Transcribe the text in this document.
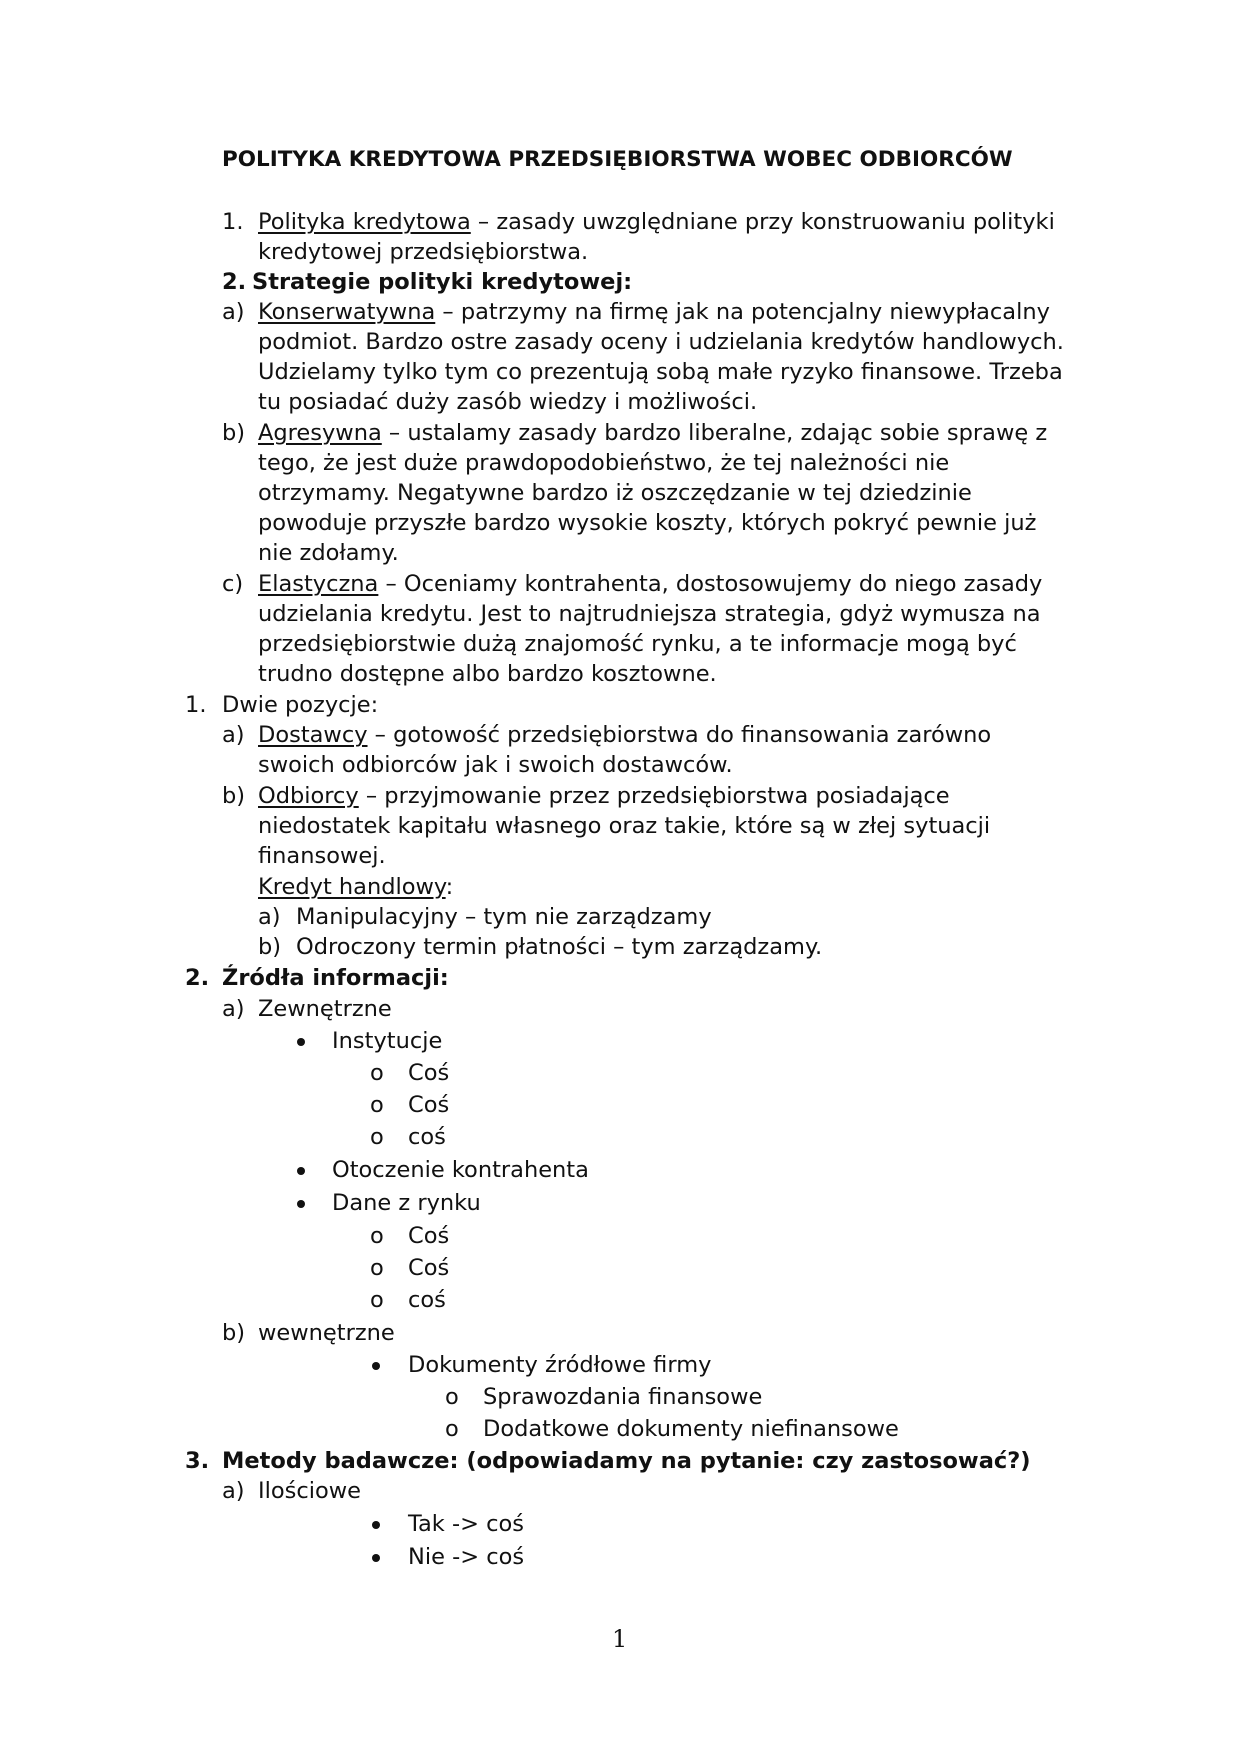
POLITYKA KREDYTOWA PRZEDSIĘBIORSTWA WOBEC ODBIORCÓW
1. Polityka kredytowa – zasady uwzględniane przy konstruowaniu polityki
kredytowej przedsiębiorstwa.
2. Strategie polityki kredytowej:
a) Konserwatywna – patrzymy na firmę jak na potencjalny niewypłacalny
podmiot. Bardzo ostre zasady oceny i udzielania kredytów handlowych.
Udzielamy tylko tym co prezentują sobą małe ryzyko finansowe. Trzeba
tu posiadać duży zasób wiedzy i możliwości.
b) Agresywna – ustalamy zasady bardzo liberalne, zdając sobie sprawę z
tego, że jest duże prawdopodobieństwo, że tej należności nie
otrzymamy. Negatywne bardzo iż oszczędzanie w tej dziedzinie
powoduje przyszłe bardzo wysokie koszty, których pokryć pewnie już
nie zdołamy.
c) Elastyczna – Oceniamy kontrahenta, dostosowujemy do niego zasady
udzielania kredytu. Jest to najtrudniejsza strategia, gdyż wymusza na
przedsiębiorstwie dużą znajomość rynku, a te informacje mogą być
trudno dostępne albo bardzo kosztowne.
1. Dwie pozycje:
a) Dostawcy – gotowość przedsiębiorstwa do finansowania zarówno
swoich odbiorców jak i swoich dostawców.
b) Odbiorcy – przyjmowanie przez przedsiębiorstwa posiadające
niedostatek kapitału własnego oraz takie, które są w złej sytuacji
finansowej.
Kredyt handlowy:
a) Manipulacyjny – tym nie zarządzamy
b) Odroczony termin płatności – tym zarządzamy.
2. Źródła informacji:
a) Zewnętrzne
Instytucje
o Coś
o Coś
o coś
Otoczenie kontrahenta
Dane z rynku
o Coś
o Coś
o coś
b) wewnętrzne
Dokumenty źródłowe firmy
o Sprawozdania finansowe
o Dodatkowe dokumenty niefinansowe
3. Metody badawcze: (odpowiadamy na pytanie: czy zastosować?)
a) Ilościowe
Tak -> coś
Nie -> coś
1
